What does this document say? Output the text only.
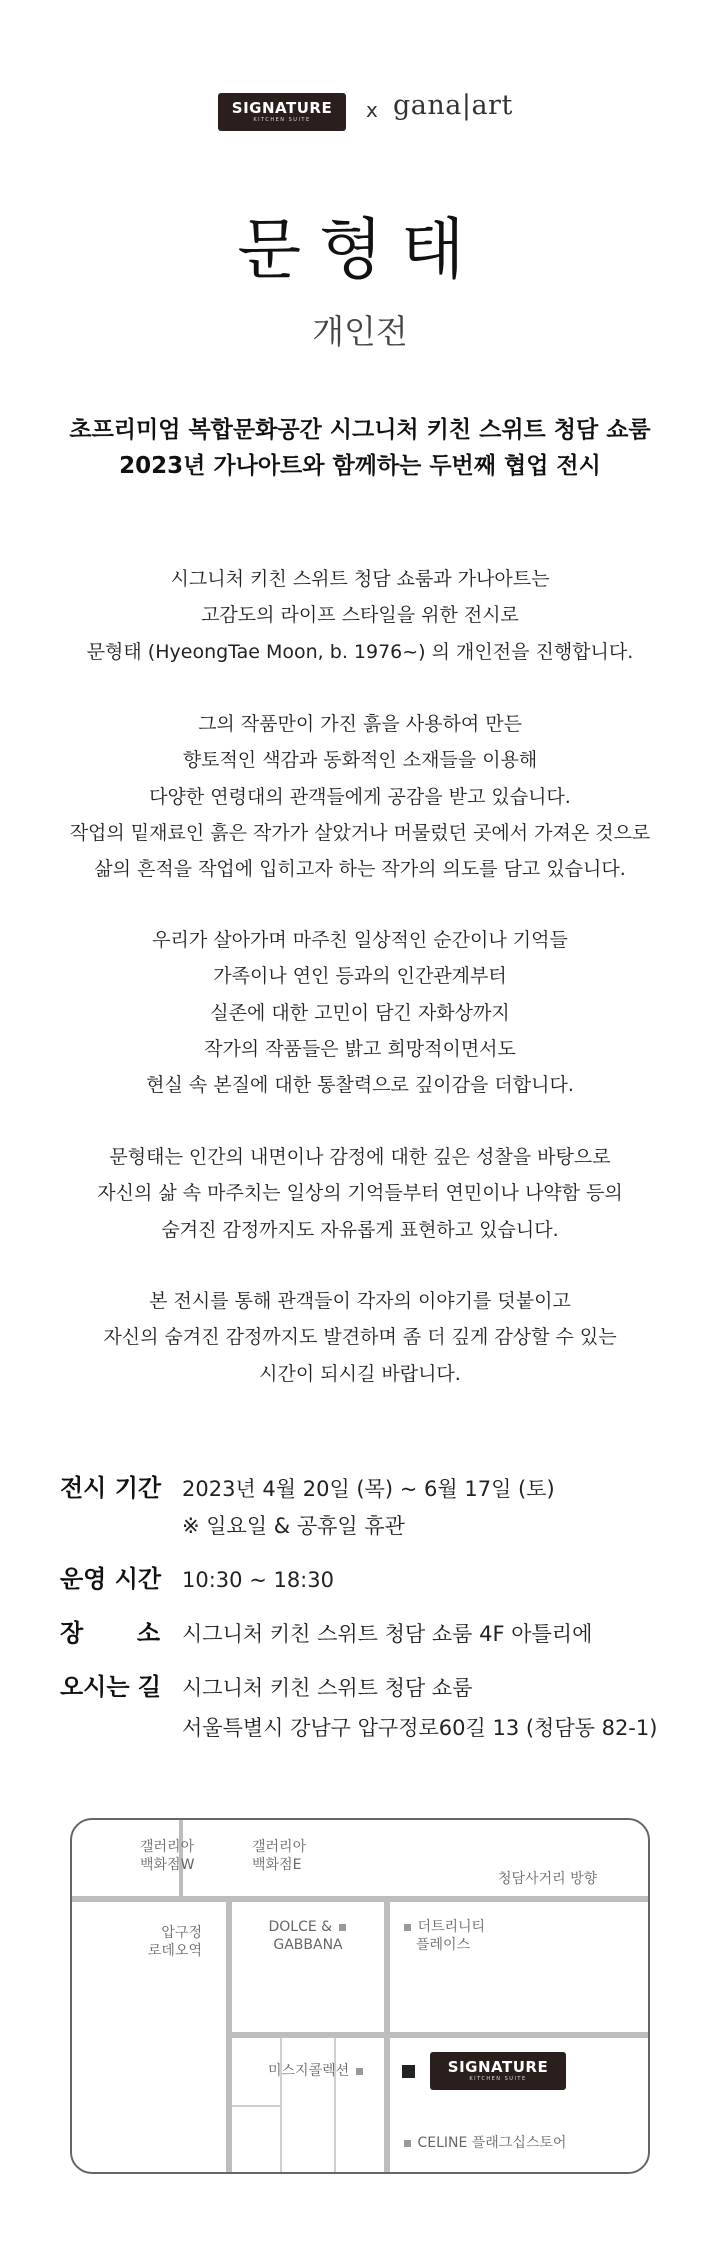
SIGNATURE
KITCHEN SUITE	x gana|art
문형태
개인전
초프리미엄 복합문화공간 시그니처 키친 스위트 청담 쇼룸
2023년 가나아트와 함께하는 두번째 협업 전시
시그니처 키친 스위트 청담 쇼룸과 가나아트는
고감도의 라이프 스타일을 위한 전시로
문형태 (HyeongTae Moon, b. 1976~) 의 개인전을 진행합니다.
그의 작품만이 가진 흙을 사용하여 만든
향토적인 색감과 동화적인 소재들을 이용해
다양한 연령대의 관객들에게 공감을 받고 있습니다.
작업의 밑재료인 흙은 작가가 살았거나 머물렀던 곳에서 가져온 것으로
삶의 흔적을 작업에 입히고자 하는 작가의 의도를 담고 있습니다.
우리가 살아가며 마주친 일상적인 순간이나 기억들
가족이나 연인 등과의 인간관계부터
실존에 대한 고민이 담긴 자화상까지
작가의 작품들은 밝고 희망적이면서도
현실 속 본질에 대한 통찰력으로 깊이감을 더합니다.
문형태는 인간의 내면이나 감정에 대한 깊은 성찰을 바탕으로
자신의 삶 속 마주치는 일상의 기억들부터 연민이나 나약함 등의
숨겨진 감정까지도 자유롭게 표현하고 있습니다.
본 전시를 통해 관객들이 각자의 이야기를 덧붙이고
자신의 숨겨진 감정까지도 발견하며 좀 더 깊게 감상할 수 있는
시간이 되시길 바랍니다.
전시 기간 2023년 4월 20일 (목) ~ 6월 17일 (토)
※ 일요일 & 공휴일 휴관
운영 시간 10:30 ~ 18:30
장 소 시그니처 키친 스위트 청담 쇼룸 4F 아틀리에
오시는 길 시그니처 키친 스위트 청담 쇼룸
서울특별시 강남구 압구정로60길 13 (청담동 82-1)
갤러리아
백화점W
갤러리아
백화점E
청담사거리 방향
압구정
로데오역
DOLCE &
GABBANA
더트리니티
플레이스
미스지콜렉션	SIGNATURE
KITCHEN SUITE
CELINE 플래그십스토어
